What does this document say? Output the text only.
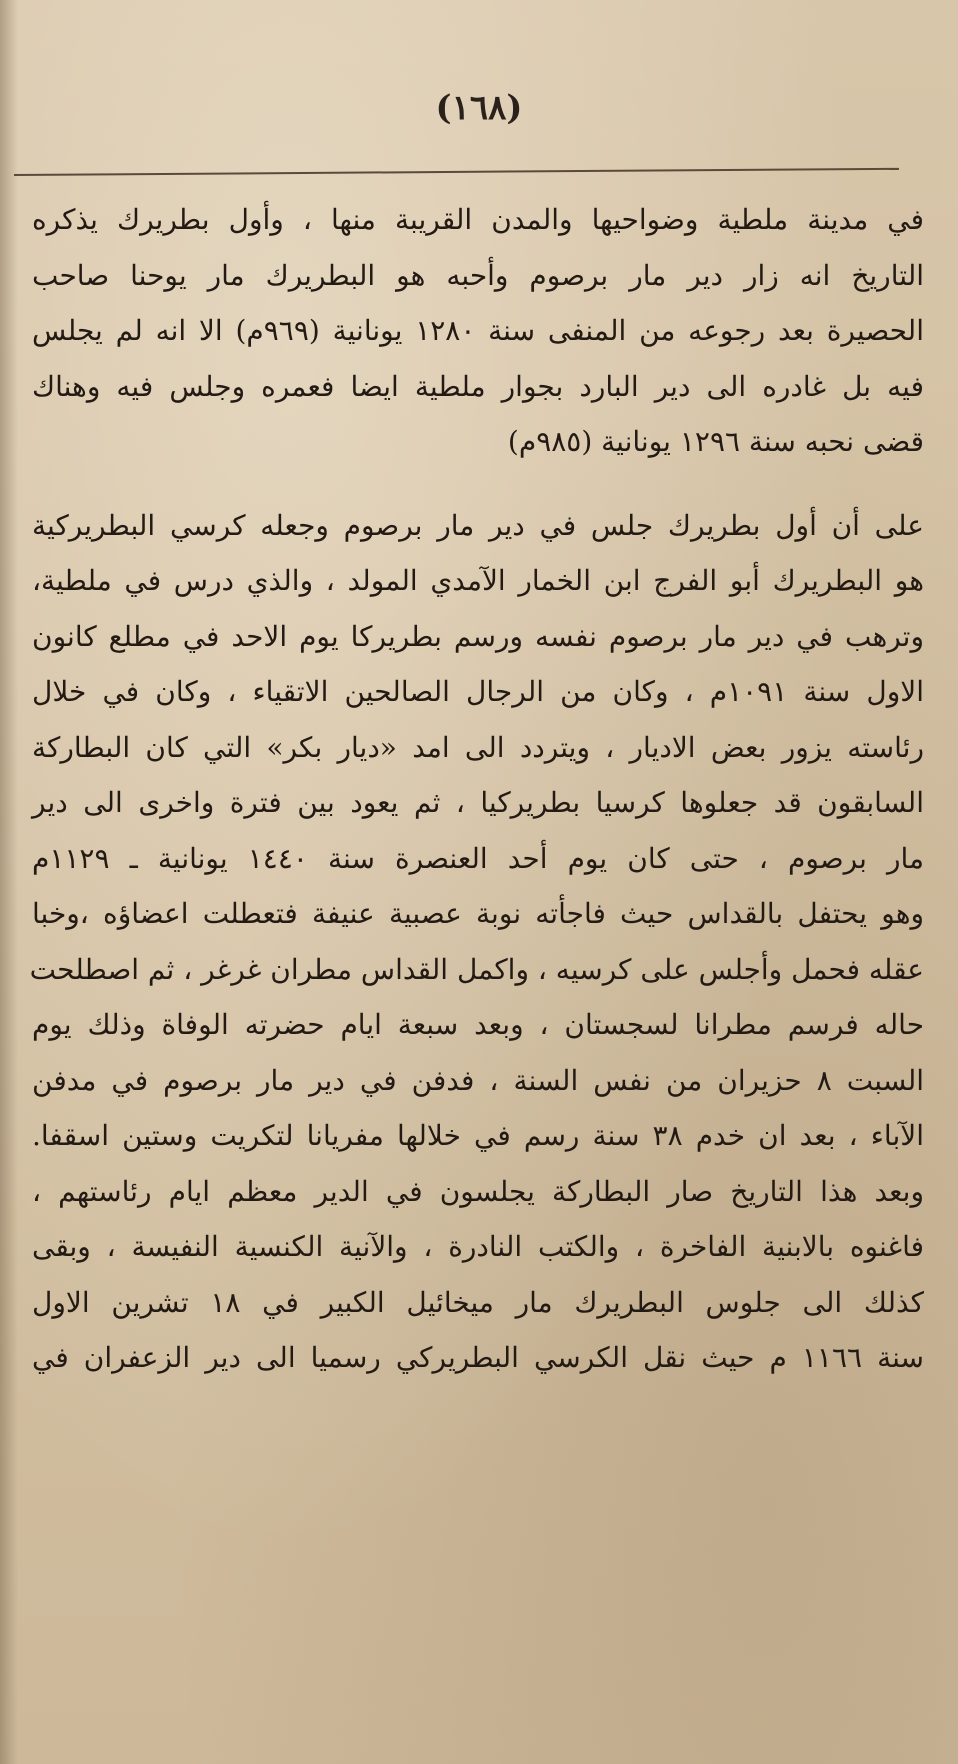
(١٦٨)
في مدينة ملطية وضواحيها والمدن القريبة منها ، وأول بطريرك يذكره
التاريخ انه زار دير مار برصوم وأحبه هو البطريرك مار يوحنا صاحب
الحصيرة بعد رجوعه من المنفى سنة ١٢٨٠ يونانية (٩٦٩م) الا انه لم يجلس
فيه بل غادره الى دير البارد بجوار ملطية ايضا فعمره وجلس فيه وهناك
قضى نحبه سنة ١٢٩٦ يونانية (٩٨٥م)
على أن أول بطريرك جلس في دير مار برصوم وجعله كرسي البطريركية
هو البطريرك أبو الفرج ابن الخمار الآمدي المولد ، والذي درس في ملطية،
وترهب في دير مار برصوم نفسه ورسم بطريركا يوم الاحد في مطلع كانون
الاول سنة ١٠٩١م ، وكان من الرجال الصالحين الاتقياء ، وكان في خلال
رئاسته يزور بعض الاديار ، ويتردد الى امد «ديار بكر» التي كان البطاركة
السابقون قد جعلوها كرسيا بطريركيا ، ثم يعود بين فترة واخرى الى دير
مار برصوم ، حتى كان يوم أحد العنصرة سنة ١٤٤٠ يونانية ـ ١١٢٩م
وهو يحتفل بالقداس حيث فاجأته نوبة عصبية عنيفة فتعطلت اعضاؤه ،وخبا
عقله فحمل وأجلس على كرسيه ، واكمل القداس مطران غرغر ، ثم اصطلحت
حاله فرسم مطرانا لسجستان ، وبعد سبعة ايام حضرته الوفاة وذلك يوم
السبت ٨ حزيران من نفس السنة ، فدفن في دير مار برصوم في مدفن
الآباء ، بعد ان خدم ٣٨ سنة رسم في خلالها مفريانا لتكريت وستين اسقفا.
وبعد هذا التاريخ صار البطاركة يجلسون في الدير معظم ايام رئاستهم ،
فاغنوه بالابنية الفاخرة ، والكتب النادرة ، والآنية الكنسية النفيسة ، وبقى
كذلك الى جلوس البطريرك مار ميخائيل الكبير في ١٨ تشرين الاول
سنة ١١٦٦ م حيث نقل الكرسي البطريركي رسميا الى دير الزعفران في
